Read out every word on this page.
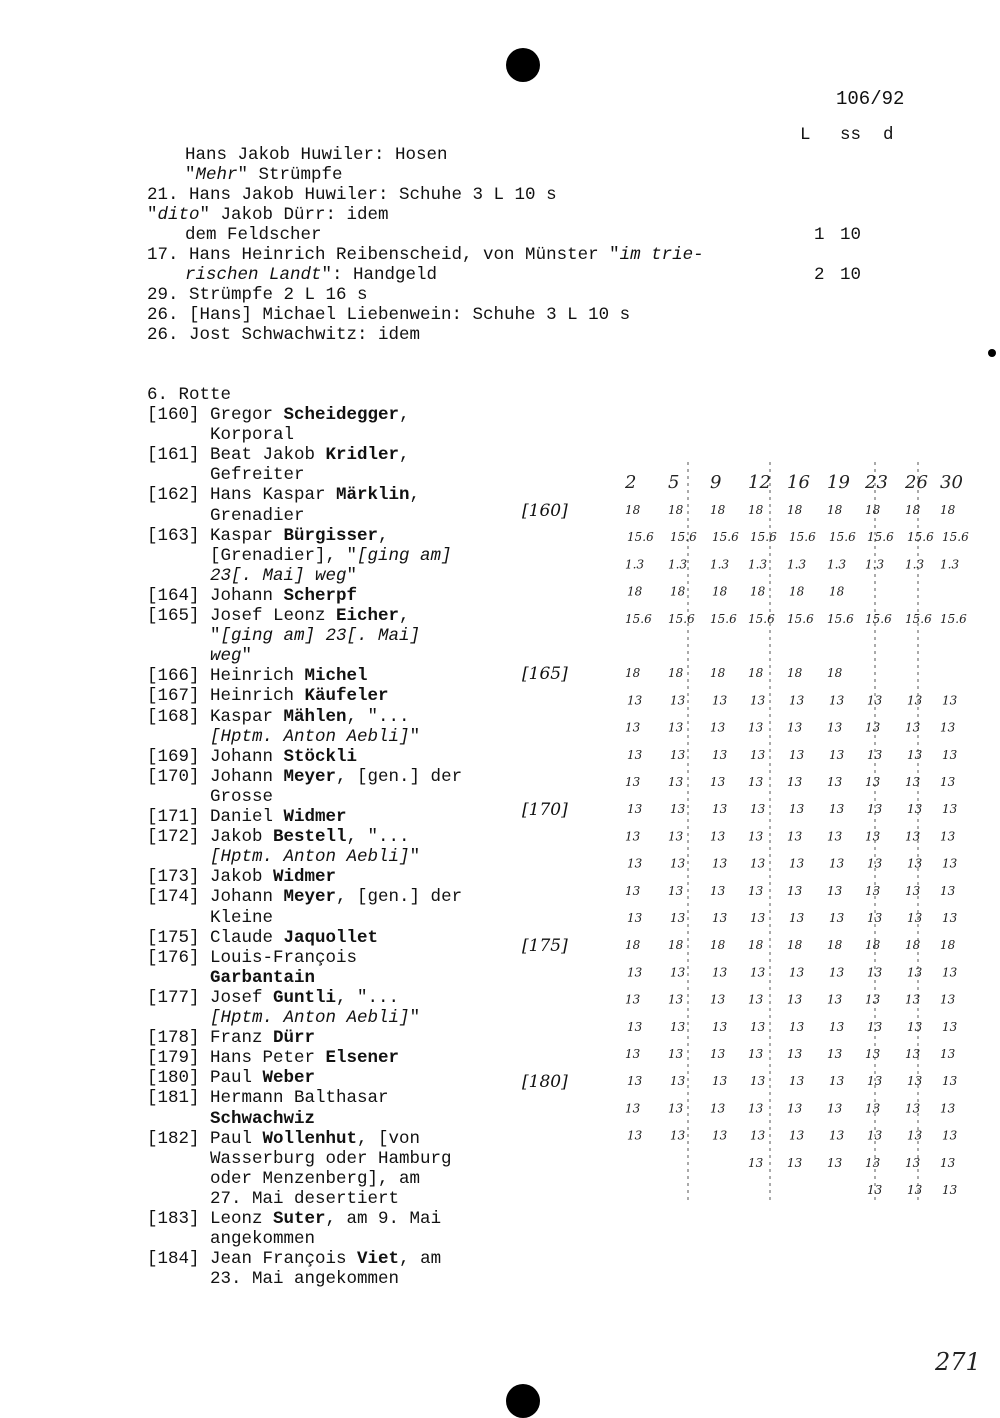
106/92
L ss d
Hans Jakob Huwiler: Hosen
"Mehr" Strümpfe
21. Hans Jakob Huwiler: Schuhe 3 L 10 s
"dito" Jakob Dürr: idem
dem Feldscher	1 10
17. Hans Heinrich Reibenscheid, von Münster "im trie-
rischen Landt": Handgeld	2 10
29. Strümpfe 2 L 16 s
26. [Hans] Michael Liebenwein: Schuhe 3 L 10 s
26. Jost Schwachwitz: idem
6. Rotte
[160] Gregor Scheidegger,
Korporal
[161] Beat Jakob Kridler,
Gefreiter
[162] Hans Kaspar Märklin,
Grenadier
[163] Kaspar Bürgisser,
[Grenadier], "[ging am]
23[. Mai] weg"
[164] Johann Scherpf
[165] Josef Leonz Eicher,
"[ging am] 23[. Mai]
weg"
[166] Heinrich Michel
[167] Heinrich Käufeler
[168] Kaspar Mählen, "...
[Hptm. Anton Aebli]"
[169] Johann Stöckli
[170] Johann Meyer, [gen.] der
Grosse
[171] Daniel Widmer
[172] Jakob Bestell, "...
[Hptm. Anton Aebli]"
[173] Jakob Widmer
[174] Johann Meyer, [gen.] der
Kleine
[175] Claude Jaquollet
[176] Louis-François
Garbantain
[177] Josef Guntli, "...
[Hptm. Anton Aebli]"
[178] Franz Dürr
[179] Hans Peter Elsener
[180] Paul Weber
[181] Hermann Balthasar
Schwachwiz
[182] Paul Wollenhut, [von
Wasserburg oder Hamburg
oder Menzenberg], am
27. Mai desertiert
[183] Leonz Suter, am 9. Mai
angekommen
[184] Jean François Viet, am
23. Mai angekommen
2 5 9 12 16 19 23 26 30
[160]
[165]
[170]
[175]
[180]
18 18 18 18 18 18 18 18 18
15.6 15.6 15.6 15.6 15.6 15.6 15.6 15.6 15.6
1.3 1.3 1.3 1.3 1.3 1.3 1.3 1.3 1.3
18 18 18 18 18 18
15.6 15.6 15.6 15.6 15.6 15.6 15.6 15.6 15.6
18 18 18 18 18 18
13 13 13 13 13 13 13 13 13
13 13 13 13 13 13 13 13 13
13 13 13 13 13 13 13 13 13
13 13 13 13 13 13 13 13 13
13 13 13 13 13 13 13 13 13
13 13 13 13 13 13 13 13 13
13 13 13 13 13 13 13 13 13
13 13 13 13 13 13 13 13 13
13 13 13 13 13 13 13 13 13
18 18 18 18 18 18 18 18 18
13 13 13 13 13 13 13 13 13
13 13 13 13 13 13 13 13 13
13 13 13 13 13 13 13 13 13
13 13 13 13 13 13 13 13 13
13 13 13 13 13 13 13 13 13
13 13 13 13 13 13 13 13 13
13 13 13 13 13 13 13 13 13
13 13 13 13 13 13
13 13 13
271
